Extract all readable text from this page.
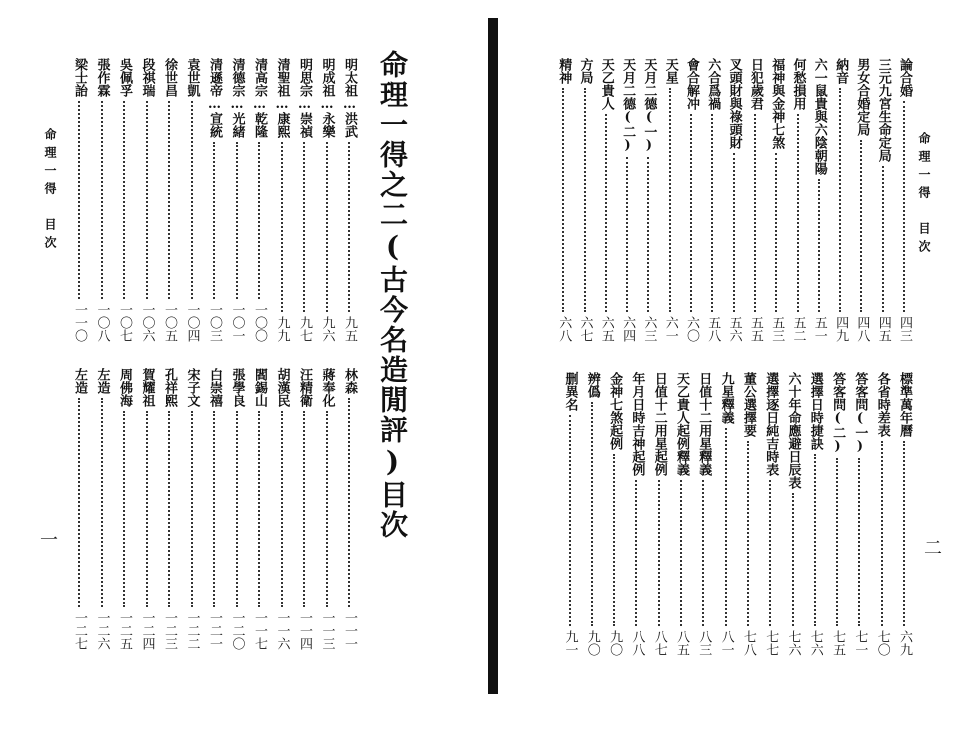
命理一得之二(古今名造閒評)目次
命理一得　目次
一
明太祖…洪武
九五
明成祖…永樂
九六
明思宗…崇禎
九七
清聖祖…康熙
九九
清高宗…乾隆
一〇〇
清德宗…光緒
一〇一
清遜帝…宣統
一〇三
袁世凱
一〇四
徐世昌
一〇五
段祺瑞
一〇六
吳佩孚
一〇七
張作霖
一〇八
梁士詒
一一〇
林森
一一一
蔣奉化
一一三
汪精衛
一一四
胡漢民
一一六
閻錫山
一一七
張學良
一二〇
白崇禧
一二一
宋子文
一二二
孔祥熙
一二三
賀耀祖
一二四
周佛海
一二五
左造
一二六
左造
一二七
命理一得　目次
二
論合婚
四三
三元九宮生命定局
四五
男女合婚定局
四八
納音
四九
六一鼠貴與六陰朝陽
五一
何愁損用
五二
福神與金神七煞
五三
日犯歲君
五五
叉頭財與祿頭財
五六
六合爲禍
五八
會合解冲
六〇
天星
六一
天月二德(一)
六三
天月二德(二)
六四
天乙貴人
六五
方局
六七
精神
六八
標準萬年曆
六九
各省時差表
七〇
答客問(一)
七一
答客問(二)
七五
選擇日時捷訣
七六
六十年命應避日辰表
七六
選擇逐日純吉時表
七七
董公選擇要
七八
九星釋義
八一
日值十二用星釋義
八三
天乙貴人起例釋義
八五
日值十二用星起例
八七
年月日時吉神起例
八八
金神七煞起例
九〇
辨僞
九〇
删異名
九一
